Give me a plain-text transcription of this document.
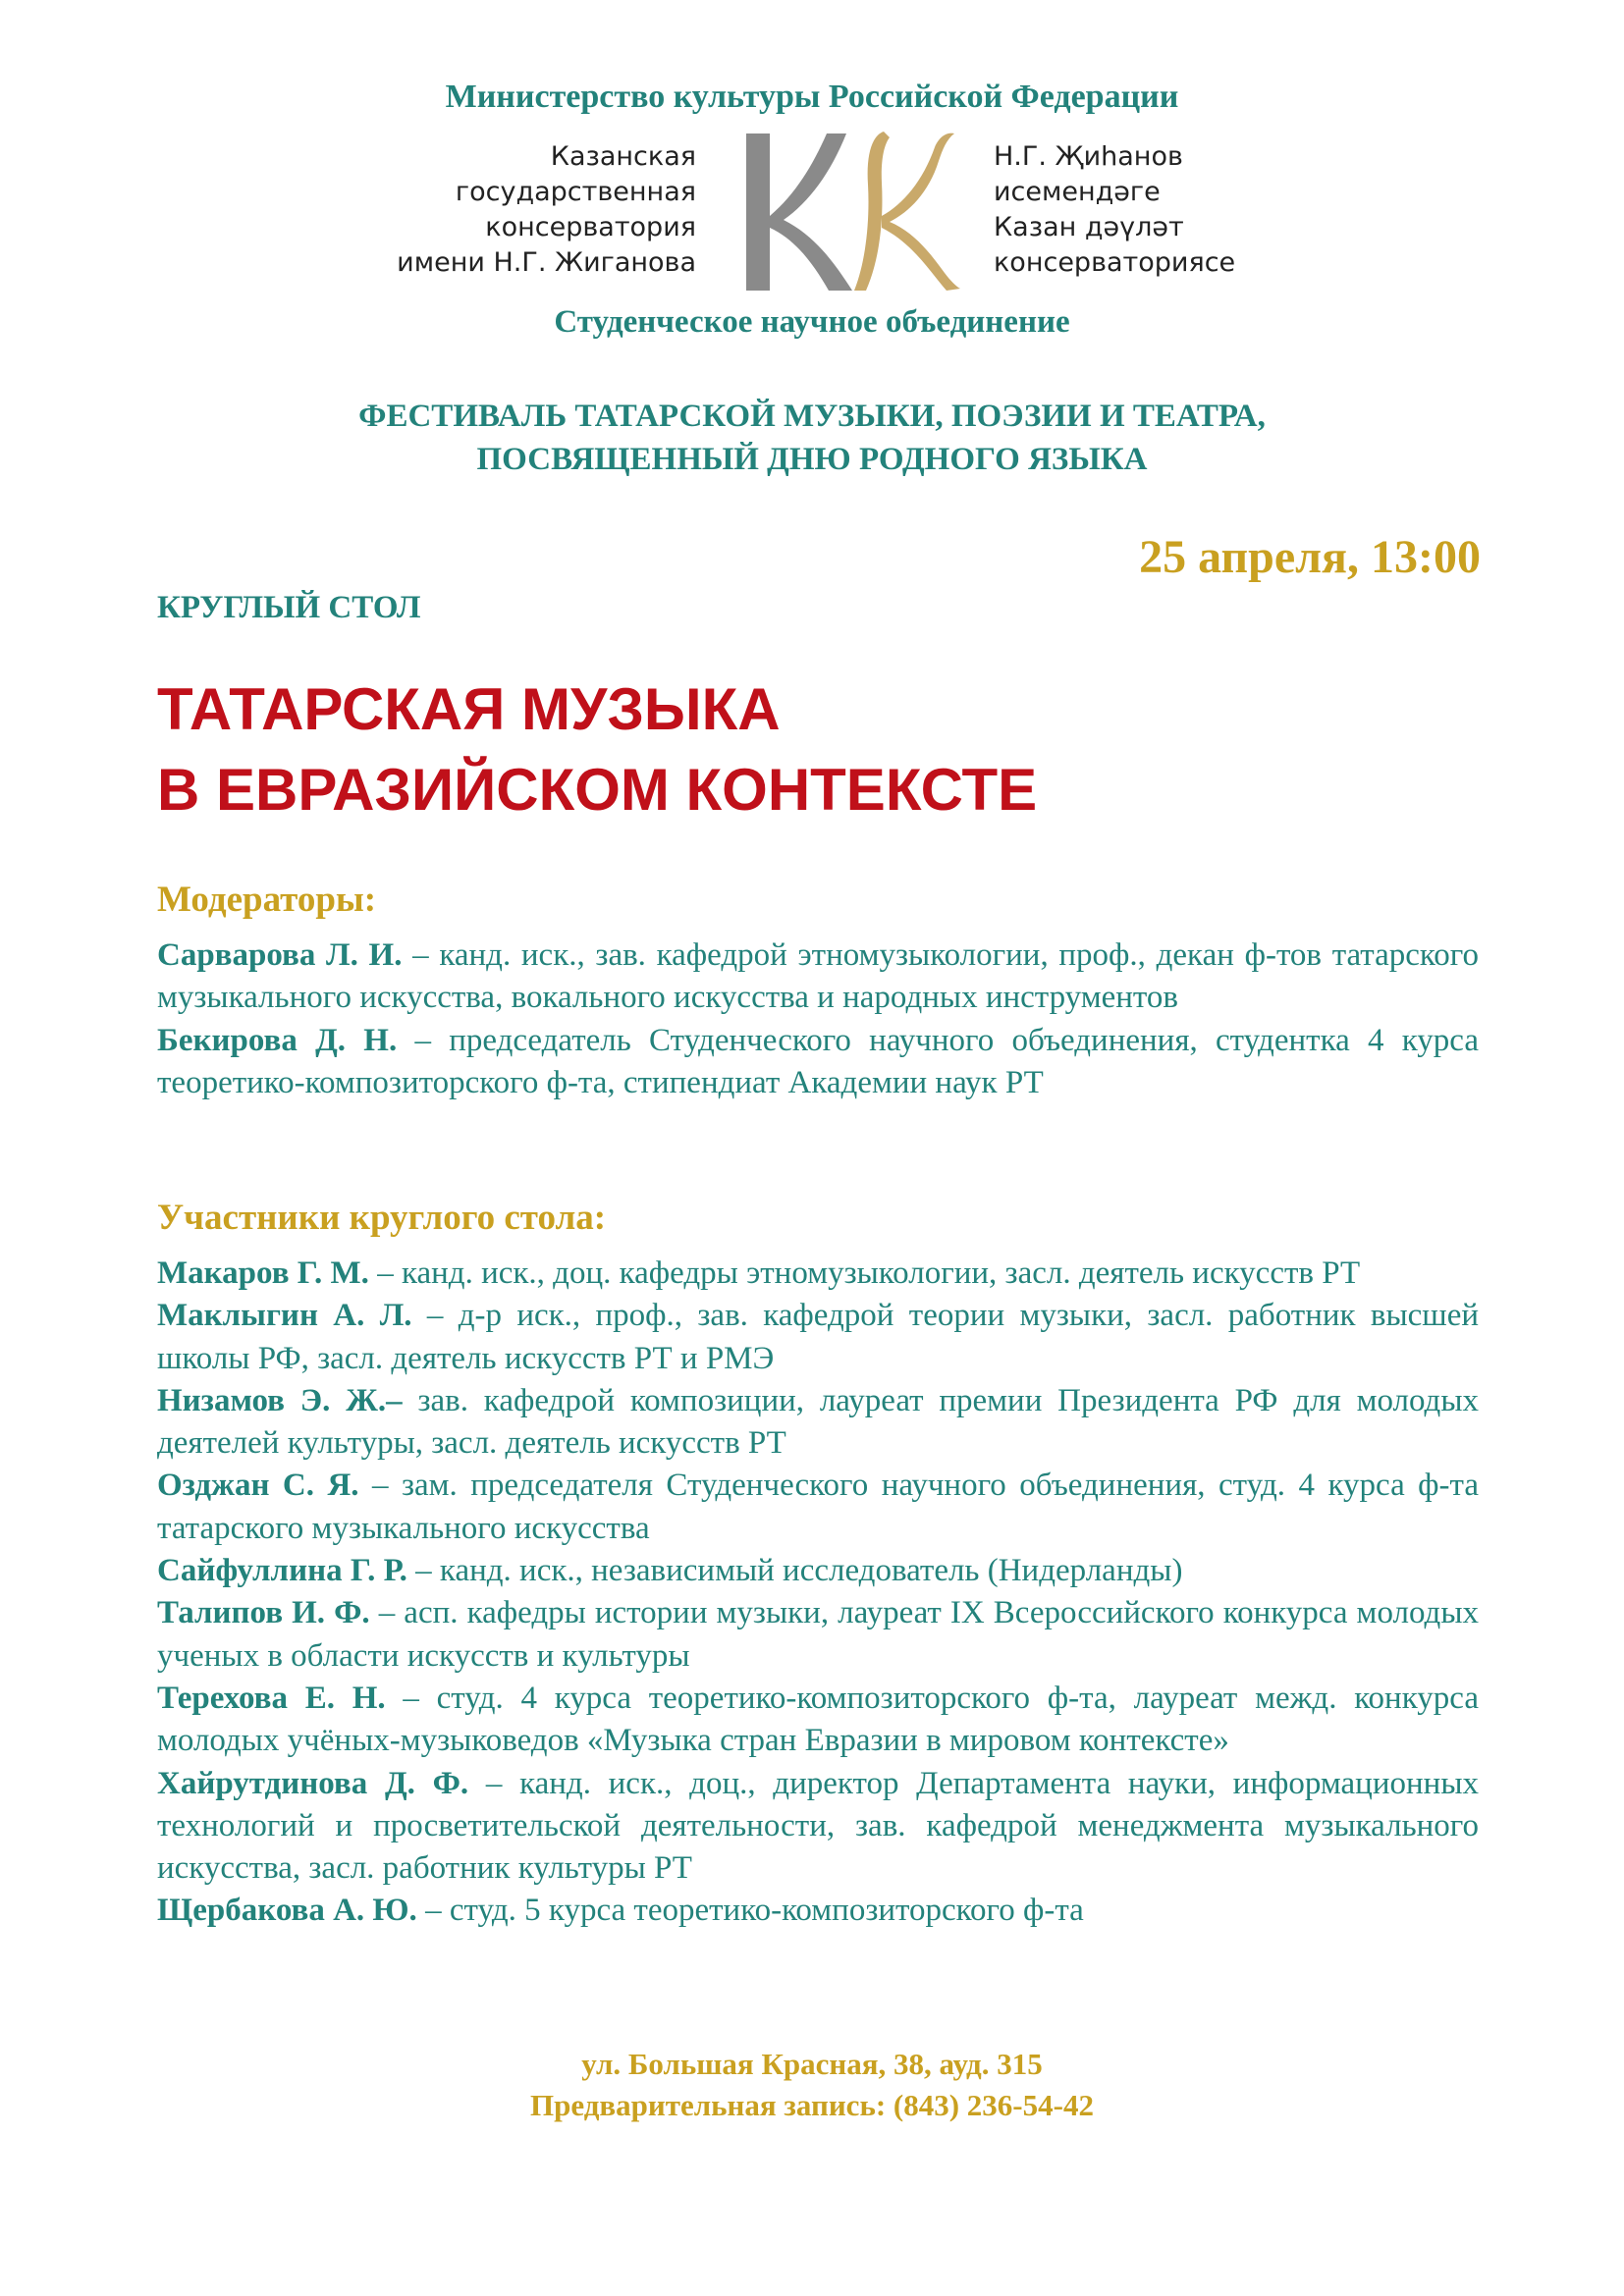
Министерство культуры Российской Федерации
Казанская
государственная
консерватория
имени Н.Г. Жиганова
Н.Г. Җиһанов
исемендәге
Казан дәүләт
консерваториясе
Студенческое научное объединение
ФЕСТИВАЛЬ ТАТАРСКОЙ МУЗЫКИ, ПОЭЗИИ И ТЕАТРА,
ПОСВЯЩЕННЫЙ ДНЮ РОДНОГО ЯЗЫКА
25 апреля, 13:00
КРУГЛЫЙ СТОЛ
ТАТАРСКАЯ МУЗЫКА
В ЕВРАЗИЙСКОМ КОНТЕКСТЕ
Модераторы:

Сарварова Л. И. – канд. иск., зав. кафедрой этномузыкологии, проф., декан ф-тов татарского музыкального искусства, вокального искусства и народных инструментов

Бекирова Д. Н. – председатель Студенческого научного объединения, студентка 4 курса теоретико-композиторского ф-та, стипендиат Академии наук РТ

Участники круглого стола:

Макаров Г. М. – канд. иск., доц. кафедры этномузыкологии, засл. деятель искусств РТ

Маклыгин А. Л. – д-р иск., проф., зав. кафедрой теории музыки, засл. работник высшей школы РФ, засл. деятель искусств РТ и РМЭ

Низамов Э. Ж.– зав. кафедрой композиции, лауреат премии Президента РФ для молодых деятелей культуры, засл. деятель искусств РТ

Озджан С. Я. – зам. председателя Студенческого научного объединения, студ. 4 курса ф-та татарского музыкального искусства

Сайфуллина Г. Р. – канд. иск., независимый исследователь (Нидерланды)

Талипов И. Ф. – асп. кафедры истории музыки, лауреат IX Всероссийского конкурса молодых ученых в области искусств и культуры

Терехова Е. Н. – студ. 4 курса теоретико-композиторского ф-та, лауреат межд. конкурса молодых учёных-музыковедов «Музыка стран Евразии в мировом контексте»

Хайрутдинова Д. Ф. – канд. иск., доц., директор Департамента науки, информационных технологий и просветительской деятельности, зав. кафедрой менеджмента музыкального искусства, засл. работник культуры РТ

Щербакова А. Ю. – студ. 5 курса теоретико-композиторского ф-та

ул. Большая Красная, 38, ауд. 315
Предварительная запись: (843) 236-54-42
